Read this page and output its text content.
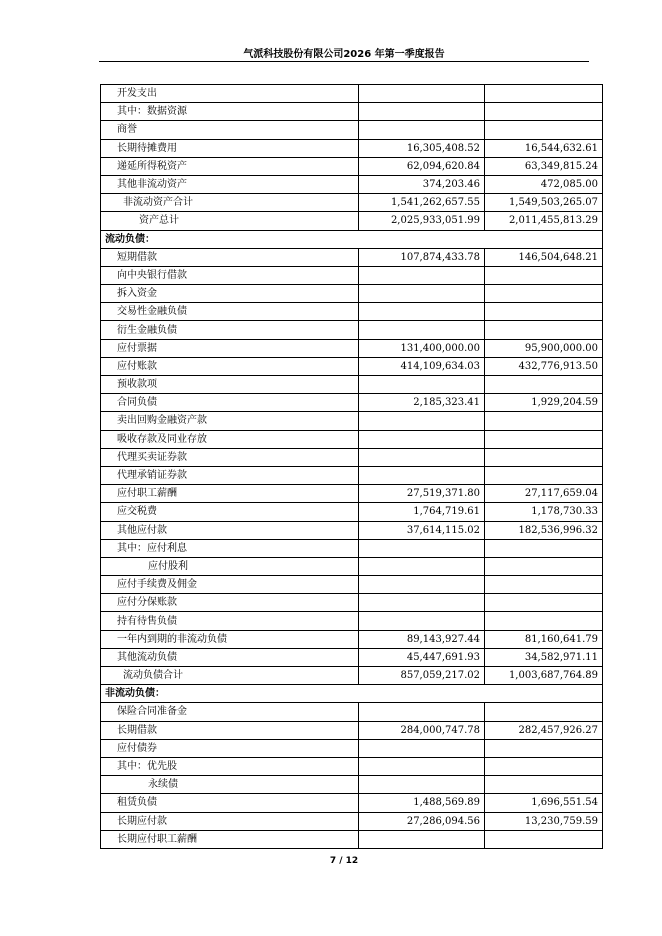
气派科技股份有限公司2026 年第一季度报告
开发支出		
其中：数据资源		
商誉		
长期待摊费用	16,305,408.52	16,544,632.61
递延所得税资产	62,094,620.84	63,349,815.24
其他非流动资产	374,203.46	472,085.00
非流动资产合计	1,541,262,657.55	1,549,503,265.07
资产总计	2,025,933,051.99	2,011,455,813.29
流动负债：		
短期借款	107,874,433.78	146,504,648.21
向中央银行借款		
拆入资金		
交易性金融负债		
衍生金融负债		
应付票据	131,400,000.00	95,900,000.00
应付账款	414,109,634.03	432,776,913.50
预收款项		
合同负债	2,185,323.41	1,929,204.59
卖出回购金融资产款		
吸收存款及同业存放		
代理买卖证券款		
代理承销证券款		
应付职工薪酬	27,519,371.80	27,117,659.04
应交税费	1,764,719.61	1,178,730.33
其他应付款	37,614,115.02	182,536,996.32
其中：应付利息		
应付股利		
应付手续费及佣金		
应付分保账款		
持有待售负债		
一年内到期的非流动负债	89,143,927.44	81,160,641.79
其他流动负债	45,447,691.93	34,582,971.11
流动负债合计	857,059,217.02	1,003,687,764.89
非流动负债：		
保险合同准备金		
长期借款	284,000,747.78	282,457,926.27
应付债券		
其中：优先股		
永续债		
租赁负债	1,488,569.89	1,696,551.54
长期应付款	27,286,094.56	13,230,759.59
长期应付职工薪酬		
7 / 12
